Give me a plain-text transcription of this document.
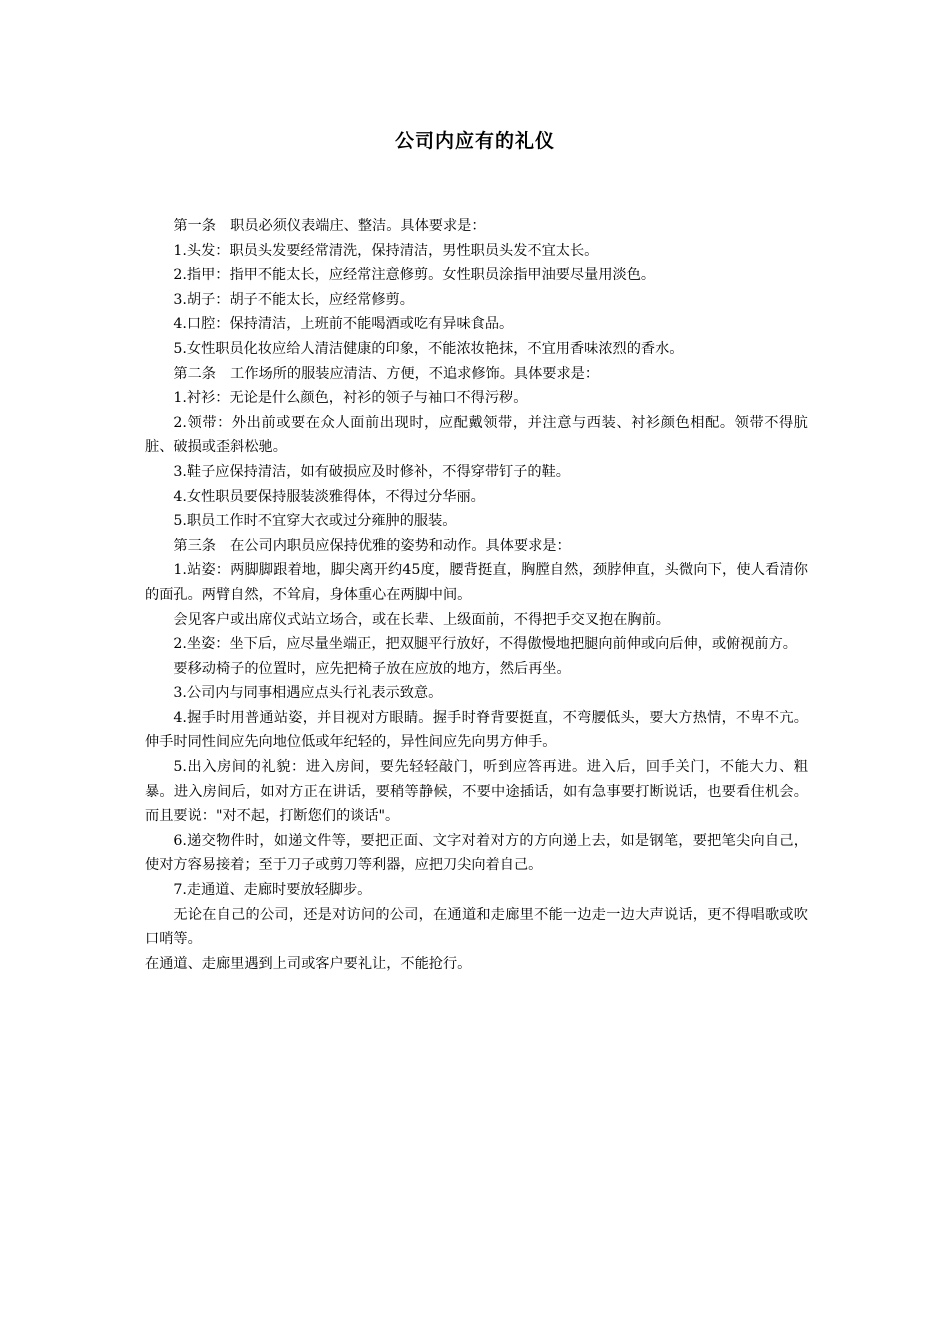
公司内应有的礼仪

第一条　职员必须仪表端庄、整洁。具体要求是：

1.头发：职员头发要经常清洗，保持清洁，男性职员头发不宜太长。

2.指甲：指甲不能太长，应经常注意修剪。女性职员涂指甲油要尽量用淡色。

3.胡子：胡子不能太长，应经常修剪。

4.口腔：保持清洁，上班前不能喝酒或吃有异味食品。

5.女性职员化妆应给人清洁健康的印象，不能浓妆艳抹，不宜用香味浓烈的香水。

第二条　工作场所的服装应清洁、方便，不追求修饰。具体要求是：

1.衬衫：无论是什么颜色，衬衫的领子与袖口不得污秽。

2.领带：外出前或要在众人面前出现时，应配戴领带，并注意与西装、衬衫颜色相配。领带不得肮脏、破损或歪斜松驰。

3.鞋子应保持清洁，如有破损应及时修补，不得穿带钉子的鞋。

4.女性职员要保持服装淡雅得体，不得过分华丽。

5.职员工作时不宜穿大衣或过分雍肿的服装。

第三条　在公司内职员应保持优雅的姿势和动作。具体要求是：

1.站姿：两脚脚跟着地，脚尖离开约45度，腰背挺直，胸膛自然，颈脖伸直，头微向下，使人看清你的面孔。两臂自然，不耸肩，身体重心在两脚中间。

会见客户或出席仪式站立场合，或在长辈、上级面前，不得把手交叉抱在胸前。

2.坐姿：坐下后，应尽量坐端正，把双腿平行放好，不得傲慢地把腿向前伸或向后伸，或俯视前方。

要移动椅子的位置时，应先把椅子放在应放的地方，然后再坐。

3.公司内与同事相遇应点头行礼表示致意。

4.握手时用普通站姿，并目视对方眼睛。握手时脊背要挺直，不弯腰低头，要大方热情，不卑不亢。伸手时同性间应先向地位低或年纪轻的，异性间应先向男方伸手。

5.出入房间的礼貌：进入房间，要先轻轻敲门，听到应答再进。进入后，回手关门，不能大力、粗暴。进入房间后，如对方正在讲话，要稍等静候，不要中途插话，如有急事要打断说话，也要看住机会。而且要说："对不起，打断您们的谈话"。

6.递交物件时，如递文件等，要把正面、文字对着对方的方向递上去，如是钢笔，要把笔尖向自己，使对方容易接着；至于刀子或剪刀等利器，应把刀尖向着自己。

7.走通道、走廊时要放轻脚步。

无论在自己的公司，还是对访问的公司，在通道和走廊里不能一边走一边大声说话，更不得唱歌或吹口哨等。

在通道、走廊里遇到上司或客户要礼让，不能抢行。
